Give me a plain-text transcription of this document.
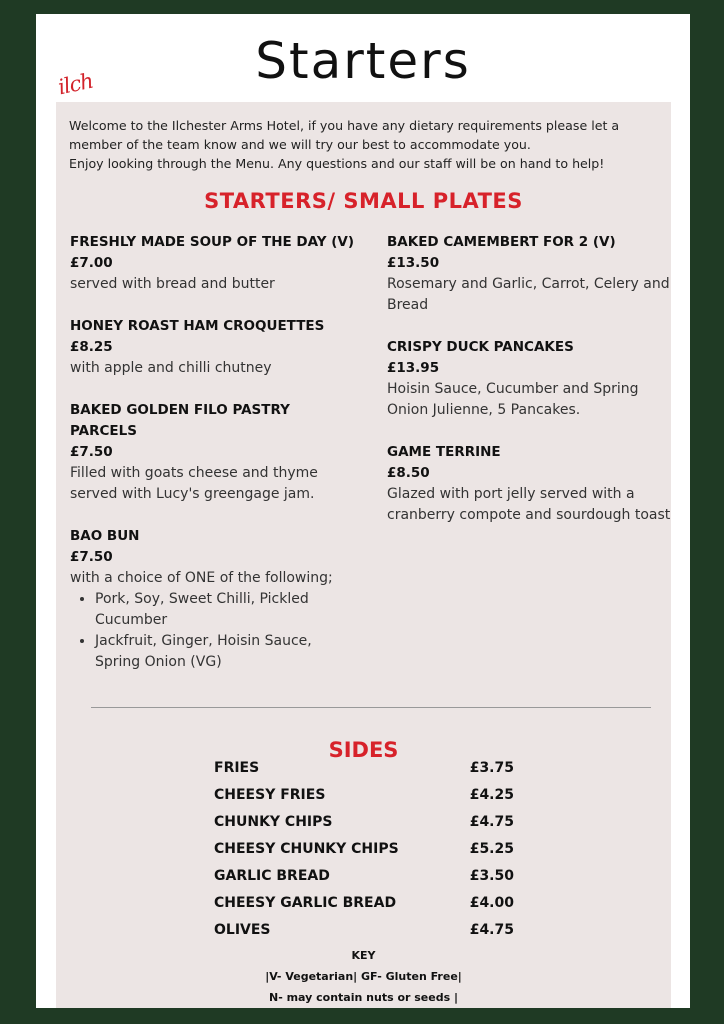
ilch	Starters

Welcome to the Ilchester Arms Hotel, if you have any dietary requirements please let a member of the team know and we will try our best to accommodate you.

Enjoy looking through the Menu. Any questions and our staff will be on hand to help!

STARTERS/ SMALL PLATES
FRESHLY MADE SOUP OF THE DAY (V)
£7.00
served with bread and butter
HONEY ROAST HAM CROQUETTES
£8.25
with apple and chilli chutney
BAKED GOLDEN FILO PASTRY PARCELS
£7.50
Filled with goats cheese and thyme served with Lucy's greengage jam.
BAO BUN
£7.50
with a choice of ONE of the following;
• Pork, Soy, Sweet Chilli, Pickled Cucumber
• Jackfruit, Ginger, Hoisin Sauce, Spring Onion (VG)
BAKED CAMEMBERT FOR 2 (V)
£13.50
Rosemary and Garlic, Carrot, Celery and Bread
CRISPY DUCK PANCAKES
£13.95
Hoisin Sauce, Cucumber and Spring Onion Julienne, 5 Pancakes.
GAME TERRINE
£8.50
Glazed with port jelly served with a cranberry compote and sourdough toast
SIDES
FRIES	£3.75
CHEESY FRIES	£4.25
CHUNKY CHIPS	£4.75
CHEESY CHUNKY CHIPS	£5.25
GARLIC BREAD	£3.50
CHEESY GARLIC BREAD	£4.00
OLIVES	£4.75
KEY
|V- Vegetarian| GF- Gluten Free|
N- may contain nuts or seeds |
